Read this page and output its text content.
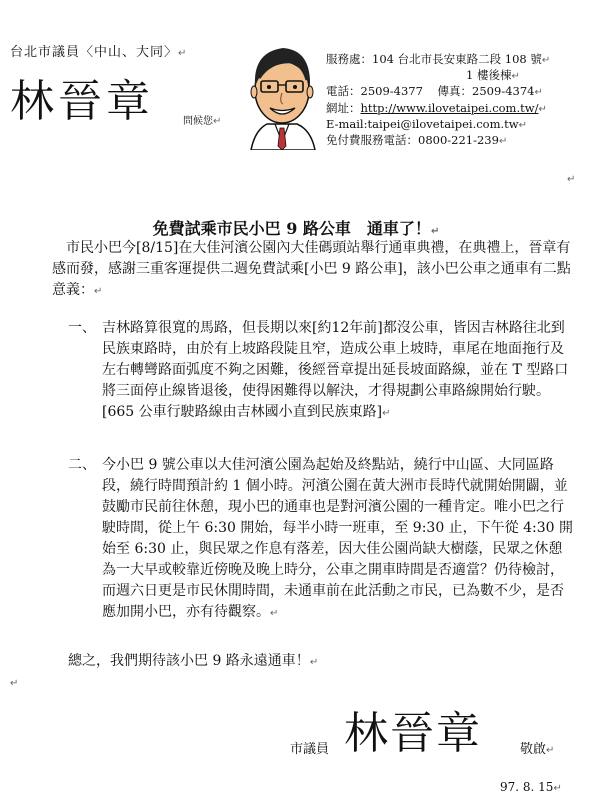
台北市議員〈中山、大同〉↵
林晉章	問候您↵
服務處：104 台北市長安東路二段 108 號↵
1 樓後棟↵
電話：2509-4377 傳真：2509-4374↵
網址：http://www.ilovetaipei.com.tw/↵
E-mail:taipei@ilovetaipei.com.tw↵
免付費服務電話：0800-221-239↵
↵
免費試乘市民小巴 9 路公車　通車了！↵
市民小巴今[8/15]在大佳河濱公園內大佳碼頭站舉行通車典禮，在典禮上，晉章有感而發，感謝三重客運提供二週免費試乘[小巴 9 路公車]，該小巴公車之通車有二點意義：↵
一、 吉林路算很寬的馬路，但長期以來[約12年前]都沒公車，皆因吉林路往北到民族東路時，由於有上坡路段陡且窄，造成公車上坡時，車尾在地面拖行及左右轉彎路面弧度不夠之困難，後經晉章提出延長坡面路線，並在 T 型路口將三面停止線皆退後，使得困難得以解決，才得規劃公車路線開始行駛。[665 公車行駛路線由吉林國小直到民族東路]↵
二、 今小巴 9 號公車以大佳河濱公園為起始及終點站，繞行中山區、大同區路段，繞行時間預計約 1 個小時。河濱公園在黃大洲市長時代就開始開闢，並鼓勵市民前往休憩，現小巴的通車也是對河濱公園的一種肯定。唯小巴之行駛時間，從上午 6:30 開始，每半小時一班車，至 9:30 止，下午從 4:30 開始至 6:30 止，與民眾之作息有落差，因大佳公園尚缺大樹蔭，民眾之休憩為一大早或較靠近傍晚及晚上時分，公車之開車時間是否適當？仍待檢討，而週六日更是市民休閒時間，未通車前在此活動之市民，已為數不少，是否應加開小巴，亦有待觀察。↵
總之，我們期待該小巴 9 路永遠通車！↵
↵
市議員 林晉章	敬啟↵
97. 8. 15↵
